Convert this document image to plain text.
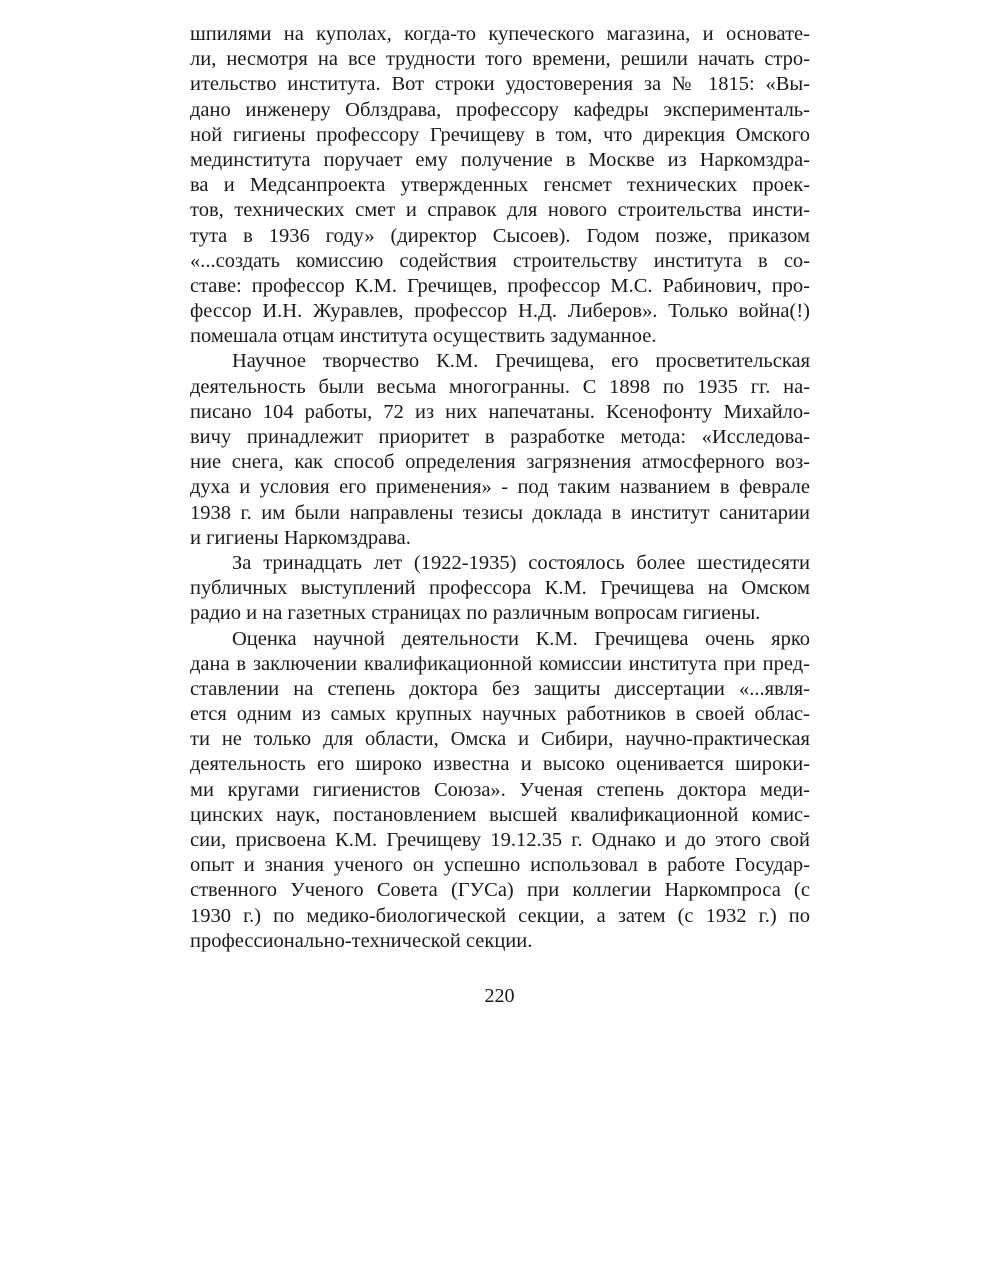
шпилями на куполах, когда-то купеческого магазина, и основате-
ли, несмотря на все трудности того времени, решили начать стро-
ительство института. Вот строки удостоверения за № 1815: «Вы-
дано инженеру Облздрава, профессору кафедры эксперименталь-
ной гигиены профессору Гречищеву в том, что дирекция Омского
мединститута поручает ему получение в Москве из Наркомздра-
ва и Медсанпроекта утвержденных генсмет технических проек-
тов, технических смет и справок для нового строительства инсти-
тута в 1936 году» (директор Сысоев). Годом позже, приказом
«...создать комиссию содействия строительству института в со-
ставе: профессор К.М. Гречищев, профессор М.С. Рабинович, про-
фессор И.Н. Журавлев, профессор Н.Д. Либеров». Только война(!)
помешала отцам института осуществить задуманное.
Научное творчество К.М. Гречищева, его просветительская
деятельность были весьма многогранны. С 1898 по 1935 гг. на-
писано 104 работы, 72 из них напечатаны. Ксенофонту Михайло-
вичу принадлежит приоритет в разработке метода: «Исследова-
ние снега, как способ определения загрязнения атмосферного воз-
духа и условия его применения» - под таким названием в феврале
1938 г. им были направлены тезисы доклада в институт санитарии
и гигиены Наркомздрава.
За тринадцать лет (1922-1935) состоялось более шестидесяти
публичных выступлений профессора К.М. Гречищева на Омском
радио и на газетных страницах по различным вопросам гигиены.
Оценка научной деятельности К.М. Гречищева очень ярко
дана в заключении квалификационной комиссии института при пред-
ставлении на степень доктора без защиты диссертации «...явля-
ется одним из самых крупных научных работников в своей облас-
ти не только для области, Омска и Сибири, научно-практическая
деятельность его широко известна и высоко оценивается широки-
ми кругами гигиенистов Союза». Ученая степень доктора меди-
цинских наук, постановлением высшей квалификационной комис-
сии, присвоена К.М. Гречищеву 19.12.35 г. Однако и до этого свой
опыт и знания ученого он успешно использовал в работе Государ-
ственного Ученого Совета (ГУСа) при коллегии Наркомпроса (с
1930 г.) по медико-биологической секции, а затем (с 1932 г.) по
профессионально-технической секции.
220
